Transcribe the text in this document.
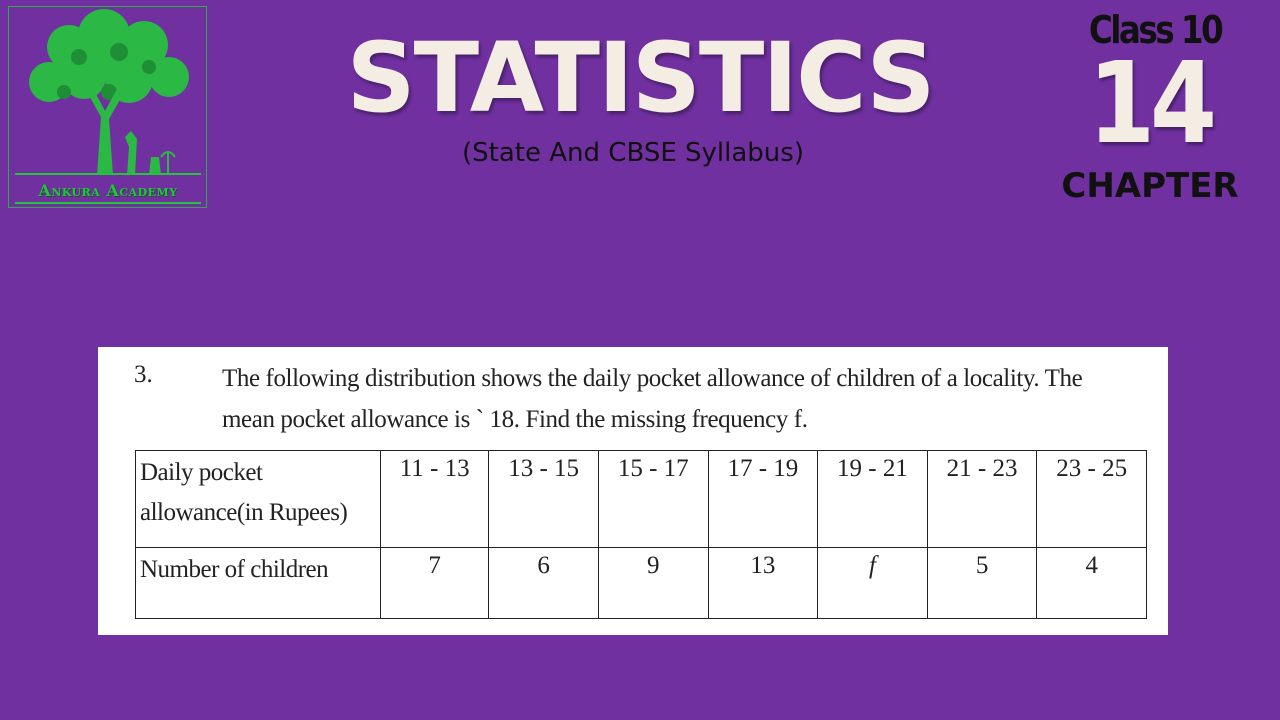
Ankura Academy
STATISTICS
(State And CBSE Syllabus)
Class 10
14
CHAPTER
3.	The following distribution shows the daily pocket allowance of children of a locality. The
mean pocket allowance is ` 18. Find the missing frequency f.
Daily pocket
allowance(in Rupees)	11 - 13	13 - 15	15 - 17	17 - 19	19 - 21	21 - 23	23 - 25
Number of children	7	6	9	13	f	5	4
